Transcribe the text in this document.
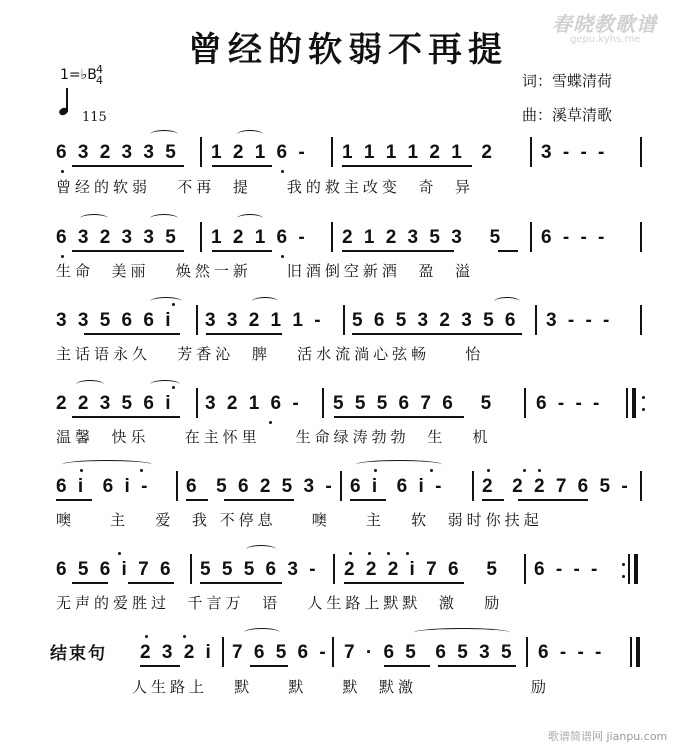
曾经的软弱不再提
春晓教歌谱
gepu.kyhs.me
词：雪蝶清荷
曲：溪草清歌
1=♭B 4
4
115
6 3 2 3 3 5 1 2 1 6 - 1 1 1 1 2 1  2 3 - - -
曾经的软弱   不再  提    我的救主改变  奇  异
6 3 2 3 3 5 1 2 1 6 - 2 1 2 3 5 3   5 6 - - -
生命  美丽   焕然一新    旧酒倒空新酒  盈  溢
3 3 5 6 6 i 3 3 2 1 1 - 5 6 5 3 2 3 5 6 3 - - -
主话语永久   芳香沁  脾   活水流淌心弦畅    怡
2 2 3 5 6 i 3 2 1 6 - 5 5 5 6 7 6   5 6 - - -
温馨  快乐    在主怀里    生命绿涛勃勃  生   机
6 i  6 i - 6  5 6 2 5 3 - 6 i  6 i - 2  2 2 7 6 5 -
噢    主   爱  我 不停息    噢    主   软  弱时你扶起
6 5 6 i 7 6 5 5 5 6 3 - 2 2 2 i 7 6   5 6 - - -
无声的爱胜过  千言万  语   人生路上默默  激   励
结束句 2 3 2 i 7 6 5 6 - 7 · 6 5  6 5 3 5 6 - - -
人生路上   默    默    默  默激             励
歌谱简谱网 jianpu.com
